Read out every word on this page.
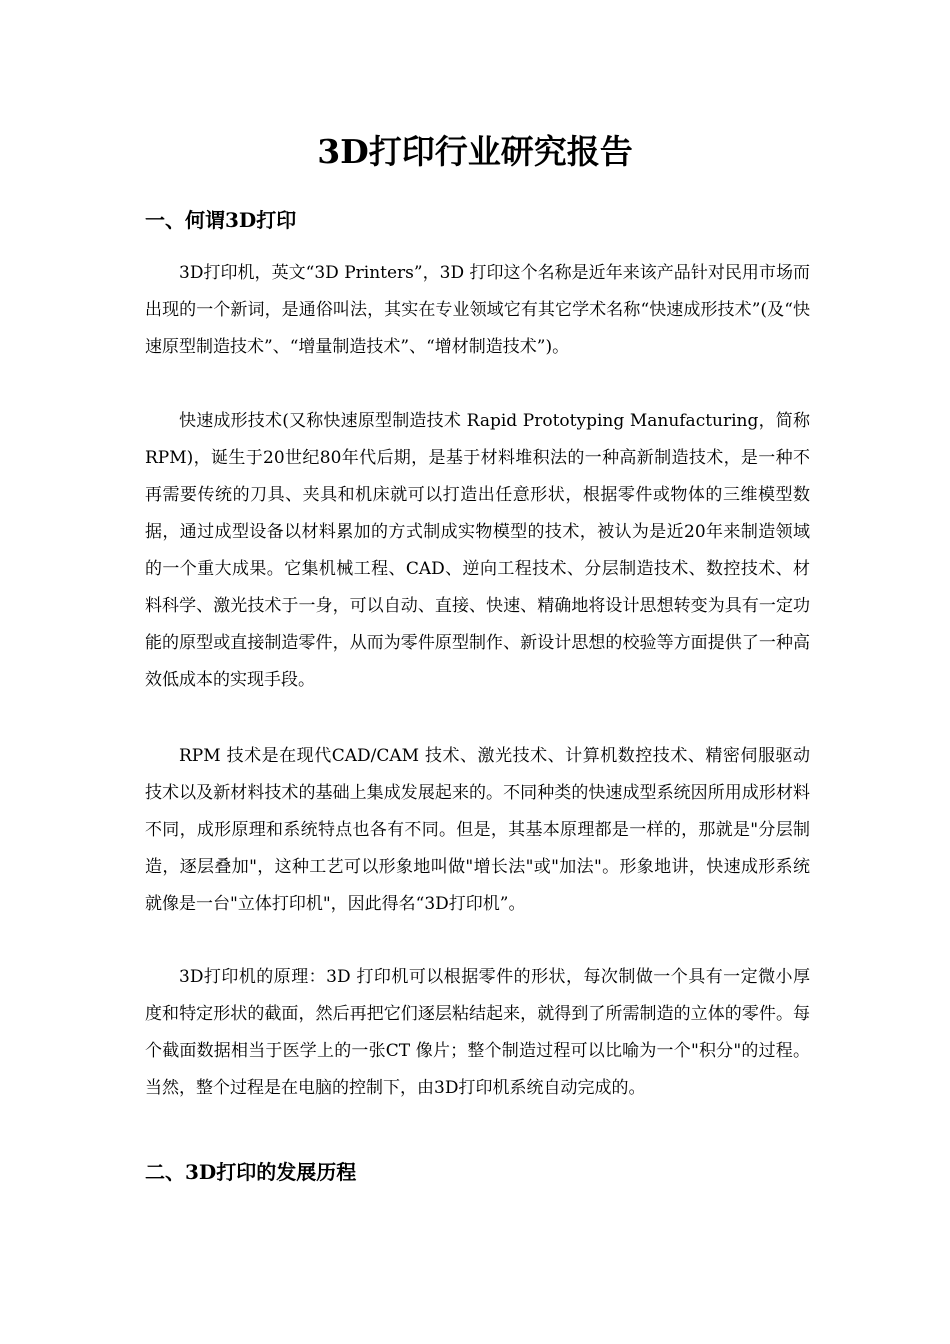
3D打印行业研究报告
一、何谓3D打印

3D打印机，英文“3D Printers”，3D 打印这个名称是近年来该产品针对民用市场而出现的一个新词，是通俗叫法，其实在专业领域它有其它学术名称“快速成形技术”(及“快速原型制造技术”、“增量制造技术”、“增材制造技术”)。

快速成形技术(又称快速原型制造技术 Rapid Prototyping Manufacturing，简称RPM)，诞生于20世纪80年代后期，是基于材料堆积法的一种高新制造技术，是一种不再需要传统的刀具、夹具和机床就可以打造出任意形状，根据零件或物体的三维模型数据，通过成型设备以材料累加的方式制成实物模型的技术，被认为是近20年来制造领域的一个重大成果。它集机械工程、CAD、逆向工程技术、分层制造技术、数控技术、材料科学、激光技术于一身，可以自动、直接、快速、精确地将设计思想转变为具有一定功能的原型或直接制造零件，从而为零件原型制作、新设计思想的校验等方面提供了一种高效低成本的实现手段。

RPM 技术是在现代CAD/CAM 技术、激光技术、计算机数控技术、精密伺服驱动技术以及新材料技术的基础上集成发展起来的。不同种类的快速成型系统因所用成形材料不同，成形原理和系统特点也各有不同。但是，其基本原理都是一样的，那就是"分层制造，逐层叠加"，这种工艺可以形象地叫做"增长法"或"加法"。形象地讲，快速成形系统就像是一台"立体打印机"，因此得名“3D打印机”。

3D打印机的原理：3D 打印机可以根据零件的形状，每次制做一个具有一定微小厚度和特定形状的截面，然后再把它们逐层粘结起来，就得到了所需制造的立体的零件。每个截面数据相当于医学上的一张CT 像片；整个制造过程可以比喻为一个"积分"的过程。当然，整个过程是在电脑的控制下，由3D打印机系统自动完成的。

二、3D打印的发展历程
